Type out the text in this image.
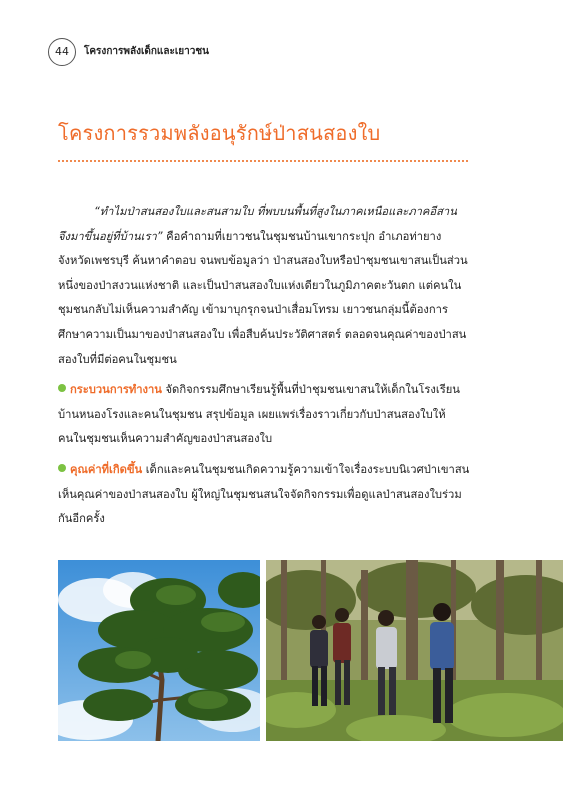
44	โครงการพลังเด็กและเยาวชน
โครงการรวมพลังอนุรักษ์ป่าสนสองใบ

“ทำไมป่าสนสองใบและสนสามใบ ที่พบบนพื้นที่สูงในภาคเหนือและภาคอีสาน จึงมาขึ้นอยู่ที่บ้านเรา” คือคำถามที่เยาวชนในชุมชนบ้านเขากระปุก อำเภอท่ายาง จังหวัดเพชรบุรี ค้นหาคำตอบ จนพบข้อมูลว่า ป่าสนสองใบหรือป่าชุมชนเขาสนเป็นส่วนหนึ่งของป่าสงวนแห่งชาติ และเป็นป่าสนสองใบแห่งเดียวในภูมิภาคตะวันตก แต่คนในชุมชนกลับไม่เห็นความสำคัญ เข้ามาบุกรุกจนป่าเสื่อมโทรม เยาวชนกลุ่มนี้ต้องการศึกษาความเป็นมาของป่าสนสองใบ เพื่อสืบค้นประวัติศาสตร์ ตลอดจนคุณค่าของป่าสนสองใบที่มีต่อคนในชุมชน

กระบวนการทำงาน จัดกิจกรรมศึกษาเรียนรู้พื้นที่ป่าชุมชนเขาสนให้เด็กในโรงเรียนบ้านหนองโรงและคนในชุมชน สรุปข้อมูล เผยแพร่เรื่องราวเกี่ยวกับป่าสนสองใบให้คนในชุมชนเห็นความสำคัญของป่าสนสองใบ

คุณค่าที่เกิดขึ้น เด็กและคนในชุมชนเกิดความรู้ความเข้าใจเรื่องระบบนิเวศป่าเขาสน เห็นคุณค่าของป่าสนสองใบ ผู้ใหญ่ในชุมชนสนใจจัดกิจกรรมเพื่อดูแลป่าสนสองใบร่วมกันอีกครั้ง
